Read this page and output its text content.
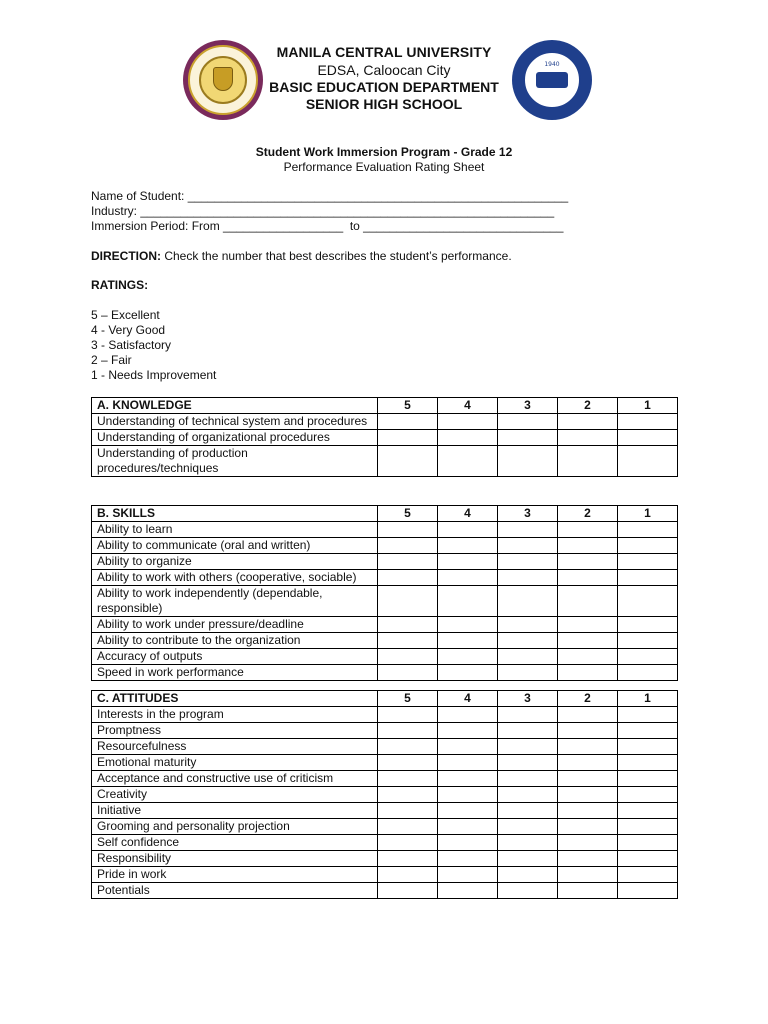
1940
MANILA CENTRAL UNIVERSITY
EDSA, Caloocan City
BASIC EDUCATION DEPARTMENT
SENIOR HIGH SCHOOL
Student Work Immersion Program - Grade 12
Performance Evaluation Rating Sheet
Name of Student: _________________________________________________________
Industry: ______________________________________________________________
Immersion Period: From __________________  to ______________________________
DIRECTION: Check the number that best describes the student’s performance.
RATINGS:
5 – Excellent
4 - Very Good
3 - Satisfactory
2 – Fair
1 - Needs Improvement
A. KNOWLEDGE	5	4	3	2	1
Understanding of technical system and procedures					
Understanding of organizational procedures					
Understanding of production procedures/techniques					
B. SKILLS	5	4	3	2	1
Ability to learn					
Ability to communicate (oral and written)					
Ability to organize					
Ability to work with others (cooperative, sociable)					
Ability to work independently (dependable, responsible)					
Ability to work under pressure/deadline					
Ability to contribute to the organization					
Accuracy of outputs					
Speed in work performance					
C. ATTITUDES	5	4	3	2	1
Interests in the program					
Promptness					
Resourcefulness					
Emotional maturity					
Acceptance and constructive use of criticism					
Creativity					
Initiative					
Grooming and personality projection					
Self confidence					
Responsibility					
Pride in work					
Potentials					
